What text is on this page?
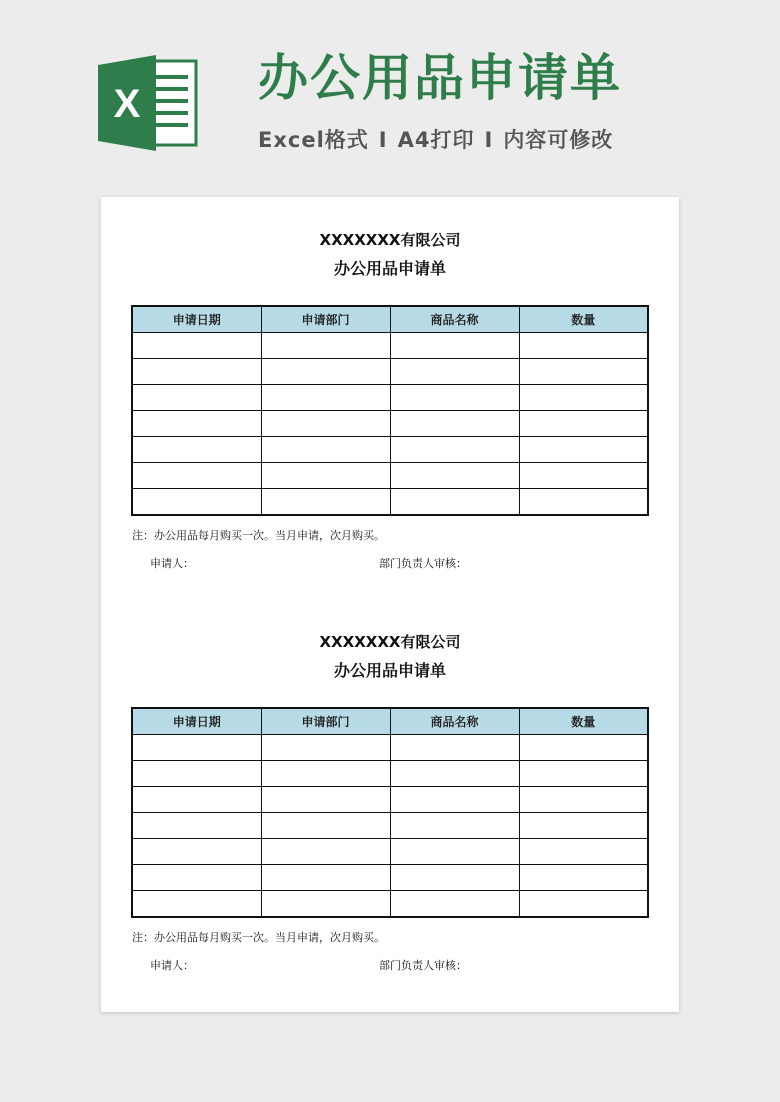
X 办公用品申请单
Excel格式 I A4打印 I 内容可修改
XXXXXXX有限公司
办公用品申请单
申请日期	申请部门	商品名称	数量

注：办公用品每月购买一次。当月申请，次月购买。
申请人：	部门负责人审核：
XXXXXXX有限公司
办公用品申请单
申请日期	申请部门	商品名称	数量

注：办公用品每月购买一次。当月申请，次月购买。
申请人：	部门负责人审核：
